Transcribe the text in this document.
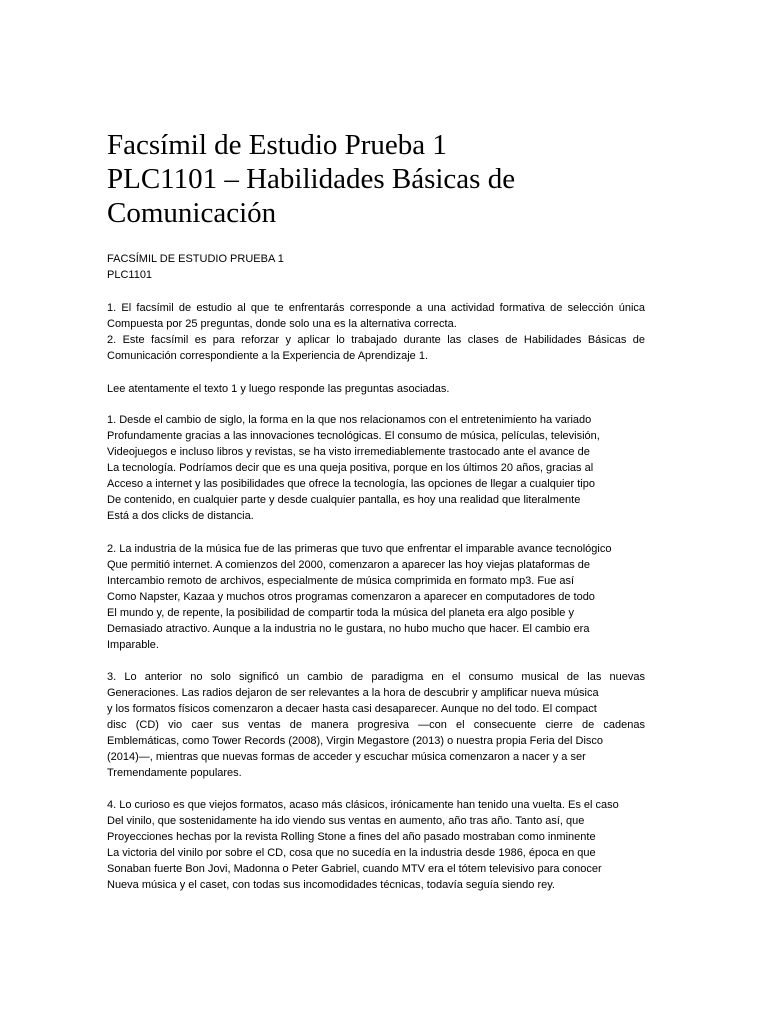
Facsímil de Estudio Prueba 1
PLC1101 – Habilidades Básicas de
Comunicación
FACSÍMIL DE ESTUDIO PRUEBA 1
PLC1101
1. El facsímil de estudio al que te enfrentarás corresponde a una actividad formativa de selección única
Compuesta por 25 preguntas, donde solo una es la alternativa correcta.
2. Este facsímil es para reforzar y aplicar lo trabajado durante las clases de Habilidades Básicas de
Comunicación correspondiente a la Experiencia de Aprendizaje 1.
Lee atentamente el texto 1 y luego responde las preguntas asociadas.
1. Desde el cambio de siglo, la forma en la que nos relacionamos con el entretenimiento ha variado
Profundamente gracias a las innovaciones tecnológicas. El consumo de música, películas, televisión,
Videojuegos e incluso libros y revistas, se ha visto irremediablemente trastocado ante el avance de
La tecnología. Podríamos decir que es una queja positiva, porque en los últimos 20 años, gracias al
Acceso a internet y las posibilidades que ofrece la tecnología, las opciones de llegar a cualquier tipo
De contenido, en cualquier parte y desde cualquier pantalla, es hoy una realidad que literalmente
Está a dos clicks de distancia.
2. La industria de la música fue de las primeras que tuvo que enfrentar el imparable avance tecnológico
Que permitió internet. A comienzos del 2000, comenzaron a aparecer las hoy viejas plataformas de
Intercambio remoto de archivos, especialmente de música comprimida en formato mp3. Fue así
Como Napster, Kazaa y muchos otros programas comenzaron a aparecer en computadores de todo
El mundo y, de repente, la posibilidad de compartir toda la música del planeta era algo posible y
Demasiado atractivo. Aunque a la industria no le gustara, no hubo mucho que hacer. El cambio era
Imparable.
3. Lo anterior no solo significó un cambio de paradigma en el consumo musical de las nuevas
Generaciones. Las radios dejaron de ser relevantes a la hora de descubrir y amplificar nueva música
y los formatos físicos comenzaron a decaer hasta casi desaparecer. Aunque no del todo. El compact
disc (CD) vio caer sus ventas de manera progresiva —con el consecuente cierre de cadenas
Emblemáticas, como Tower Records (2008), Virgin Megastore (2013) o nuestra propia Feria del Disco
(2014)—, mientras que nuevas formas de acceder y escuchar música comenzaron a nacer y a ser
Tremendamente populares.
4. Lo curioso es que viejos formatos, acaso más clásicos, irónicamente han tenido una vuelta. Es el caso
Del vinilo, que sostenidamente ha ido viendo sus ventas en aumento, año tras año. Tanto así, que
Proyecciones hechas por la revista Rolling Stone a fines del año pasado mostraban como inminente
La victoria del vinilo por sobre el CD, cosa que no sucedía en la industria desde 1986, época en que
Sonaban fuerte Bon Jovi, Madonna o Peter Gabriel, cuando MTV era el tótem televisivo para conocer
Nueva música y el caset, con todas sus incomodidades técnicas, todavía seguía siendo rey.
